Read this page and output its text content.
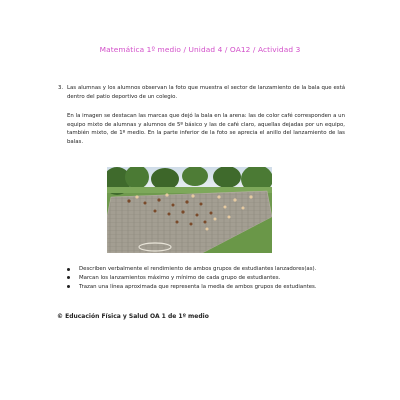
Matemática 1º medio / Unidad 4 / OA12 / Actividad 3
3. Las alumnas y los alumnos observan la foto que muestra el sector de lanzamiento de la bala que está dentro del patio deportivo de un colegio.
En la imagen se destacan las marcas que dejó la bala en la arena: las de color café corresponden a un equipo mixto de alumnas y alumnos de 5º básico y las de café claro, aquellas dejadas por un equipo, también mixto, de 1º medio. En la parte inferior de la foto se aprecia el anillo del lanzamiento de las balas.
Describen verbalmente el rendimiento de ambos grupos de estudiantes lanzadores(as).
Marcan los lanzamientos máximo y mínimo de cada grupo de estudiantes.
Trazan una línea aproximada que representa la media de ambos grupos de estudiantes.
© Educación Física y Salud OA 1 de 1º medio
